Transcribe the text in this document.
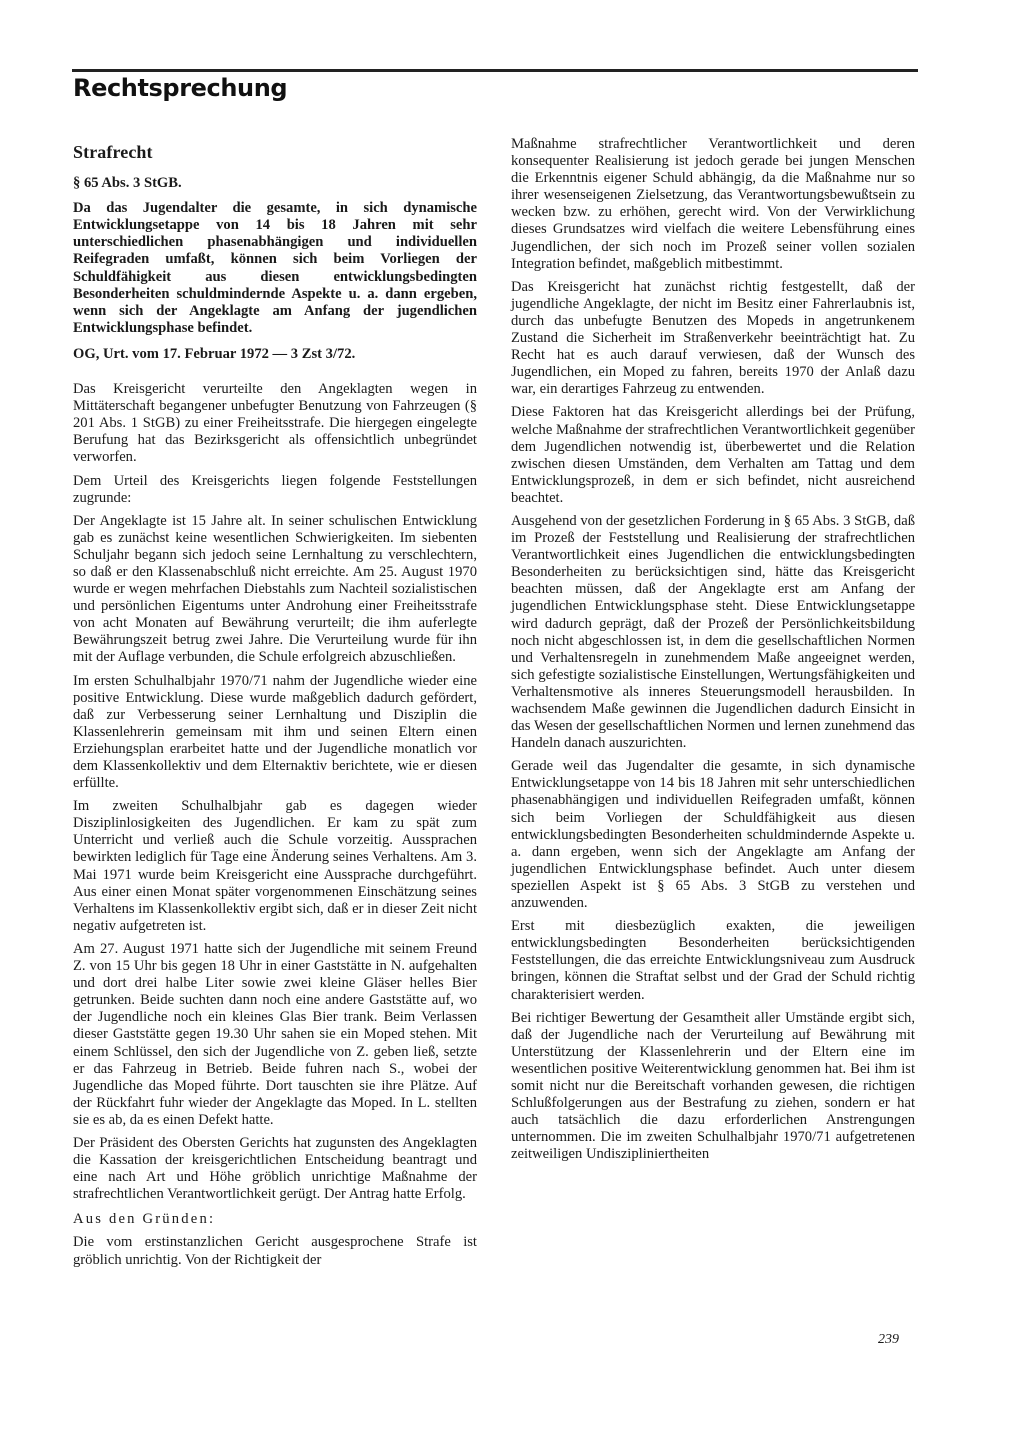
Rechtsprechung
Strafrecht
§ 65 Abs. 3 StGB.

Da das Jugendalter die gesamte, in sich dynamische Entwicklungsetappe von 14 bis 18 Jahren mit sehr unterschiedlichen phasenabhängigen und individuellen Reifegraden umfaßt, können sich beim Vorliegen der Schuldfähigkeit aus diesen entwicklungsbedingten Besonderheiten schuldmindernde Aspekte u. a. dann ergeben, wenn sich der Angeklagte am Anfang der jugendlichen Entwicklungsphase befindet.

OG, Urt. vom 17. Februar 1972 — 3 Zst 3/72.

Das Kreisgericht verurteilte den Angeklagten wegen in Mittäterschaft begangener unbefugter Benutzung von Fahrzeugen (§ 201 Abs. 1 StGB) zu einer Freiheitsstrafe. Die hiergegen eingelegte Berufung hat das Bezirksgericht als offensichtlich unbegründet verworfen.

Dem Urteil des Kreisgerichts liegen folgende Feststellungen zugrunde:

Der Angeklagte ist 15 Jahre alt. In seiner schulischen Entwicklung gab es zunächst keine wesentlichen Schwierigkeiten. Im siebenten Schuljahr begann sich jedoch seine Lernhaltung zu verschlechtern, so daß er den Klassenabschluß nicht erreichte. Am 25. August 1970 wurde er wegen mehrfachen Diebstahls zum Nachteil sozialistischen und persönlichen Eigentums unter Androhung einer Freiheitsstrafe von acht Monaten auf Bewährung verurteilt; die ihm auferlegte Bewährungszeit betrug zwei Jahre. Die Verurteilung wurde für ihn mit der Auflage verbunden, die Schule erfolgreich abzuschließen.

Im ersten Schulhalbjahr 1970/71 nahm der Jugendliche wieder eine positive Entwicklung. Diese wurde maßgeblich dadurch gefördert, daß zur Verbesserung seiner Lernhaltung und Disziplin die Klassenlehrerin gemeinsam mit ihm und seinen Eltern einen Erziehungsplan erarbeitet hatte und der Jugendliche monatlich vor dem Klassenkollektiv und dem Elternaktiv berichtete, wie er diesen erfüllte.

Im zweiten Schulhalbjahr gab es dagegen wieder Disziplinlosigkeiten des Jugendlichen. Er kam zu spät zum Unterricht und verließ auch die Schule vorzeitig. Aussprachen bewirkten lediglich für Tage eine Änderung seines Verhaltens. Am 3. Mai 1971 wurde beim Kreisgericht eine Aussprache durchgeführt. Aus einer einen Monat später vorgenommenen Einschätzung seines Verhaltens im Klassenkollektiv ergibt sich, daß er in dieser Zeit nicht negativ aufgetreten ist.

Am 27. August 1971 hatte sich der Jugendliche mit seinem Freund Z. von 15 Uhr bis gegen 18 Uhr in einer Gaststätte in N. aufgehalten und dort drei halbe Liter sowie zwei kleine Gläser helles Bier getrunken. Beide suchten dann noch eine andere Gaststätte auf, wo der Jugendliche noch ein kleines Glas Bier trank. Beim Verlassen dieser Gaststätte gegen 19.30 Uhr sahen sie ein Moped stehen. Mit einem Schlüssel, den sich der Jugendliche von Z. geben ließ, setzte er das Fahrzeug in Betrieb. Beide fuhren nach S., wobei der Jugendliche das Moped führte. Dort tauschten sie ihre Plätze. Auf der Rückfahrt fuhr wieder der Angeklagte das Moped. In L. stellten sie es ab, da es einen Defekt hatte.

Der Präsident des Obersten Gerichts hat zugunsten des Angeklagten die Kassation der kreisgerichtlichen Entscheidung beantragt und eine nach Art und Höhe gröblich unrichtige Maßnahme der strafrechtlichen Verantwortlichkeit gerügt. Der Antrag hatte Erfolg.

Aus den Gründen:

Die vom erstinstanzlichen Gericht ausgesprochene Strafe ist gröblich unrichtig. Von der Richtigkeit der

Maßnahme strafrechtlicher Verantwortlichkeit und deren konsequenter Realisierung ist jedoch gerade bei jungen Menschen die Erkenntnis eigener Schuld abhängig, da die Maßnahme nur so ihrer wesenseigenen Zielsetzung, das Verantwortungsbewußtsein zu wecken bzw. zu erhöhen, gerecht wird. Von der Verwirklichung dieses Grundsatzes wird vielfach die weitere Lebensführung eines Jugendlichen, der sich noch im Prozeß seiner vollen sozialen Integration befindet, maßgeblich mitbestimmt.

Das Kreisgericht hat zunächst richtig festgestellt, daß der jugendliche Angeklagte, der nicht im Besitz einer Fahrerlaubnis ist, durch das unbefugte Benutzen des Mopeds in angetrunkenem Zustand die Sicherheit im Straßenverkehr beeinträchtigt hat. Zu Recht hat es auch darauf verwiesen, daß der Wunsch des Jugendlichen, ein Moped zu fahren, bereits 1970 der Anlaß dazu war, ein derartiges Fahrzeug zu entwenden.

Diese Faktoren hat das Kreisgericht allerdings bei der Prüfung, welche Maßnahme der strafrechtlichen Verantwortlichkeit gegenüber dem Jugendlichen notwendig ist, überbewertet und die Relation zwischen diesen Umständen, dem Verhalten am Tattag und dem Entwicklungsprozeß, in dem er sich befindet, nicht ausreichend beachtet.

Ausgehend von der gesetzlichen Forderung in § 65 Abs. 3 StGB, daß im Prozeß der Feststellung und Realisierung der strafrechtlichen Verantwortlichkeit eines Jugendlichen die entwicklungsbedingten Besonderheiten zu berücksichtigen sind, hätte das Kreisgericht beachten müssen, daß der Angeklagte erst am Anfang der jugendlichen Entwicklungsphase steht. Diese Entwicklungsetappe wird dadurch geprägt, daß der Prozeß der Persönlichkeitsbildung noch nicht abgeschlossen ist, in dem die gesellschaftlichen Normen und Verhaltensregeln in zunehmendem Maße angeeignet werden, sich gefestigte sozialistische Einstellungen, Wertungsfähigkeiten und Verhaltensmotive als inneres Steuerungsmodell herausbilden. In wachsendem Maße gewinnen die Jugendlichen dadurch Einsicht in das Wesen der gesellschaftlichen Normen und lernen zunehmend das Handeln danach auszurichten.

Gerade weil das Jugendalter die gesamte, in sich dynamische Entwicklungsetappe von 14 bis 18 Jahren mit sehr unterschiedlichen phasenabhängigen und individuellen Reifegraden umfaßt, können sich beim Vorliegen der Schuldfähigkeit aus diesen entwicklungsbedingten Besonderheiten schuldmindernde Aspekte u. a. dann ergeben, wenn sich der Angeklagte am Anfang der jugendlichen Entwicklungsphase befindet. Auch unter diesem speziellen Aspekt ist § 65 Abs. 3 StGB zu verstehen und anzuwenden.

Erst mit diesbezüglich exakten, die jeweiligen entwicklungsbedingten Besonderheiten berücksichtigenden Feststellungen, die das erreichte Entwicklungsniveau zum Ausdruck bringen, können die Straftat selbst und der Grad der Schuld richtig charakterisiert werden.

Bei richtiger Bewertung der Gesamtheit aller Umstände ergibt sich, daß der Jugendliche nach der Verurteilung auf Bewährung mit Unterstützung der Klassenlehrerin und der Eltern eine im wesentlichen positive Weiterentwicklung genommen hat. Bei ihm ist somit nicht nur die Bereitschaft vorhanden gewesen, die richtigen Schlußfolgerungen aus der Bestrafung zu ziehen, sondern er hat auch tatsächlich die dazu erforderlichen Anstrengungen unternommen. Die im zweiten Schulhalbjahr 1970/71 aufgetretenen zeitweiligen Undiszipliniertheiten

239
